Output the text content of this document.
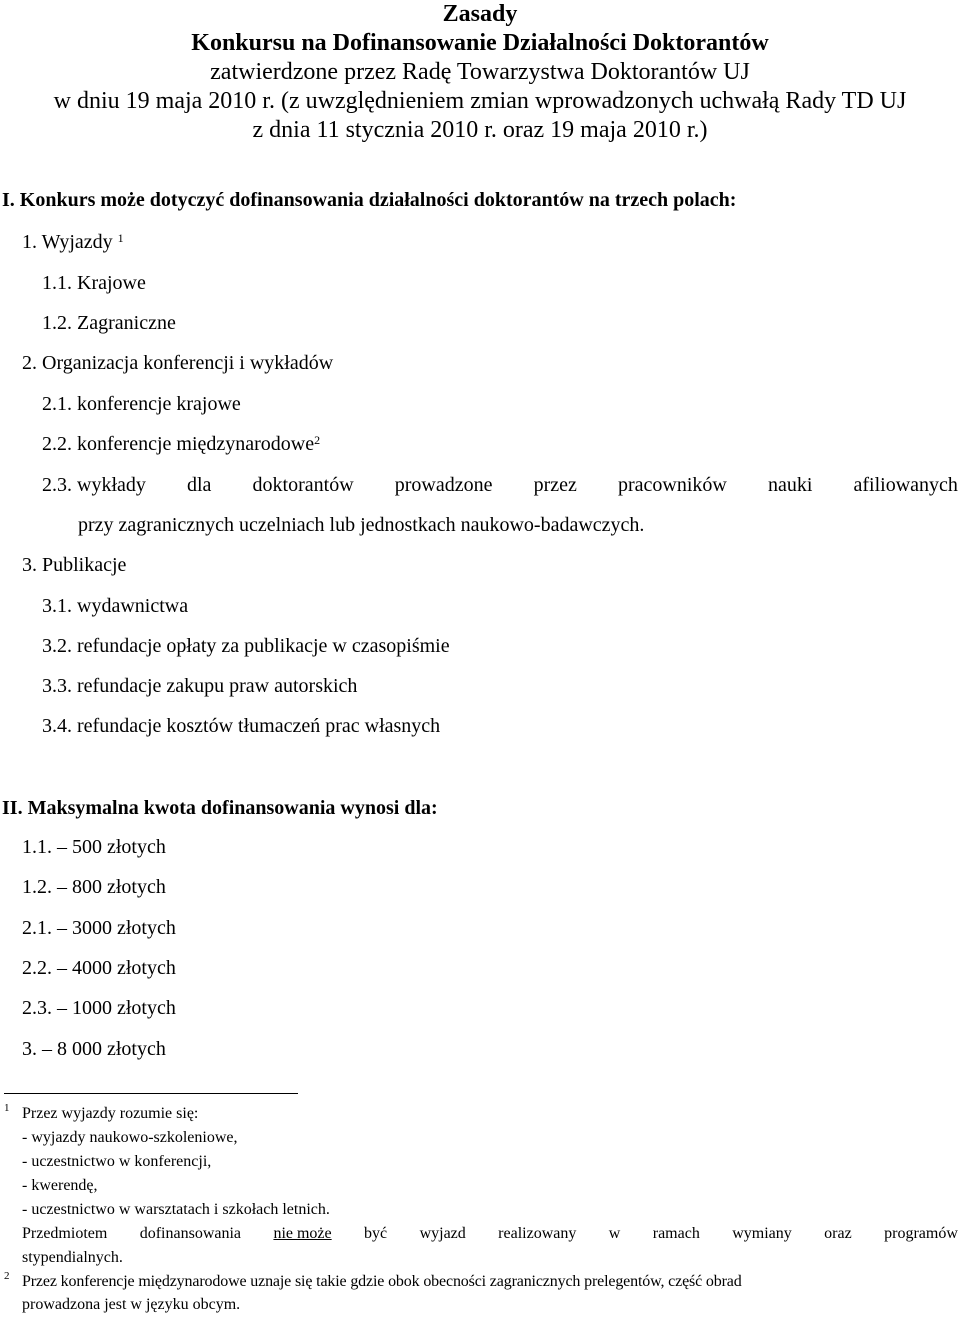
Zasady
Konkursu na Dofinansowanie Działalności Doktorantów
zatwierdzone przez Radę Towarzystwa Doktorantów UJ
w dniu 19 maja 2010 r. (z uwzględnieniem zmian wprowadzonych uchwałą Rady TD UJ
z dnia 11 stycznia 2010 r. oraz 19 maja 2010 r.)
I. Konkurs może dotyczyć dofinansowania działalności doktorantów na trzech polach:
1. Wyjazdy $^1$
1.1. Krajowe
1.2. Zagraniczne
2. Organizacja konferencji i wykładów
2.1. konferencje krajowe
2.2. konferencje międzynarodowe$^2$
2.3. wykłady dla doktorantów prowadzone przez pracowników nauki afiliowanych
przy zagranicznych uczelniach lub jednostkach naukowo-badawczych.
3. Publikacje
3.1. wydawnictwa
3.2. refundacje opłaty za publikacje w czasopiśmie
3.3. refundacje zakupu praw autorskich
3.4. refundacje kosztów tłumaczeń prac własnych
II. Maksymalna kwota dofinansowania wynosi dla:
1.1. – 500 złotych
1.2. – 800 złotych
2.1. – 3000 złotych
2.2. – 4000 złotych
2.3. – 1000 złotych
3. – 8 000 złotych
1 Przez wyjazdy rozumie się:
- wyjazdy naukowo-szkoleniowe,
- uczestnictwo w konferencji,
- kwerendę,
- uczestnictwo w warsztatach i szkołach letnich.
Przedmiotem dofinansowania nie może być wyjazd realizowany w ramach wymiany oraz programów
stypendialnych.
2 Przez konferencje międzynarodowe uznaje się takie gdzie obok obecności zagranicznych prelegentów, część obrad
prowadzona jest w języku obcym.
